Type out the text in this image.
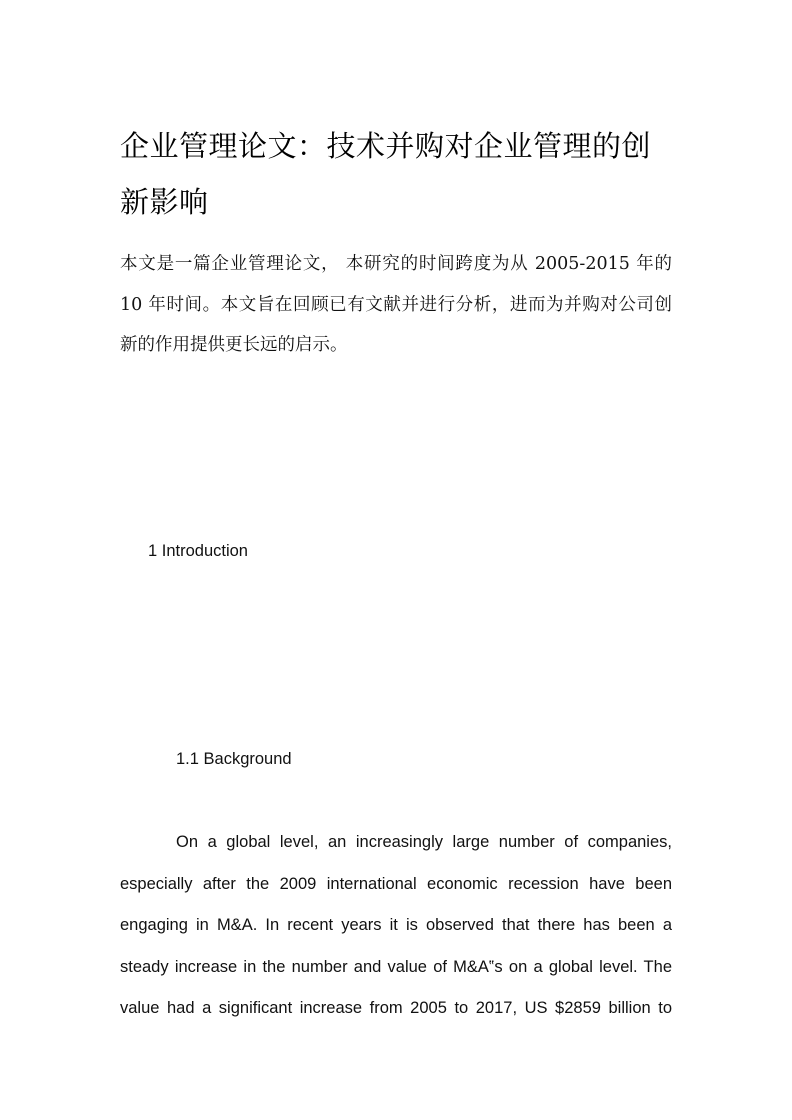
企业管理论文：技术并购对企业管理的创新影响

本文是一篇企业管理论文， 本研究的时间跨度为从 2005-2015 年的 10 年时间。本文旨在回顾已有文献并进行分析，进而为并购对公司创新的作用提供更长远的启示。

1 Introduction
1.1 Background
On a global level, an increasingly large number of companies,
especially after the 2009 international economic recession have been
engaging in M&A. In recent years it is observed that there has been a
steady increase in the number and value of M&A‟s on a global level. The
value had a significant increase from 2005 to 2017, US $2859 billion to
